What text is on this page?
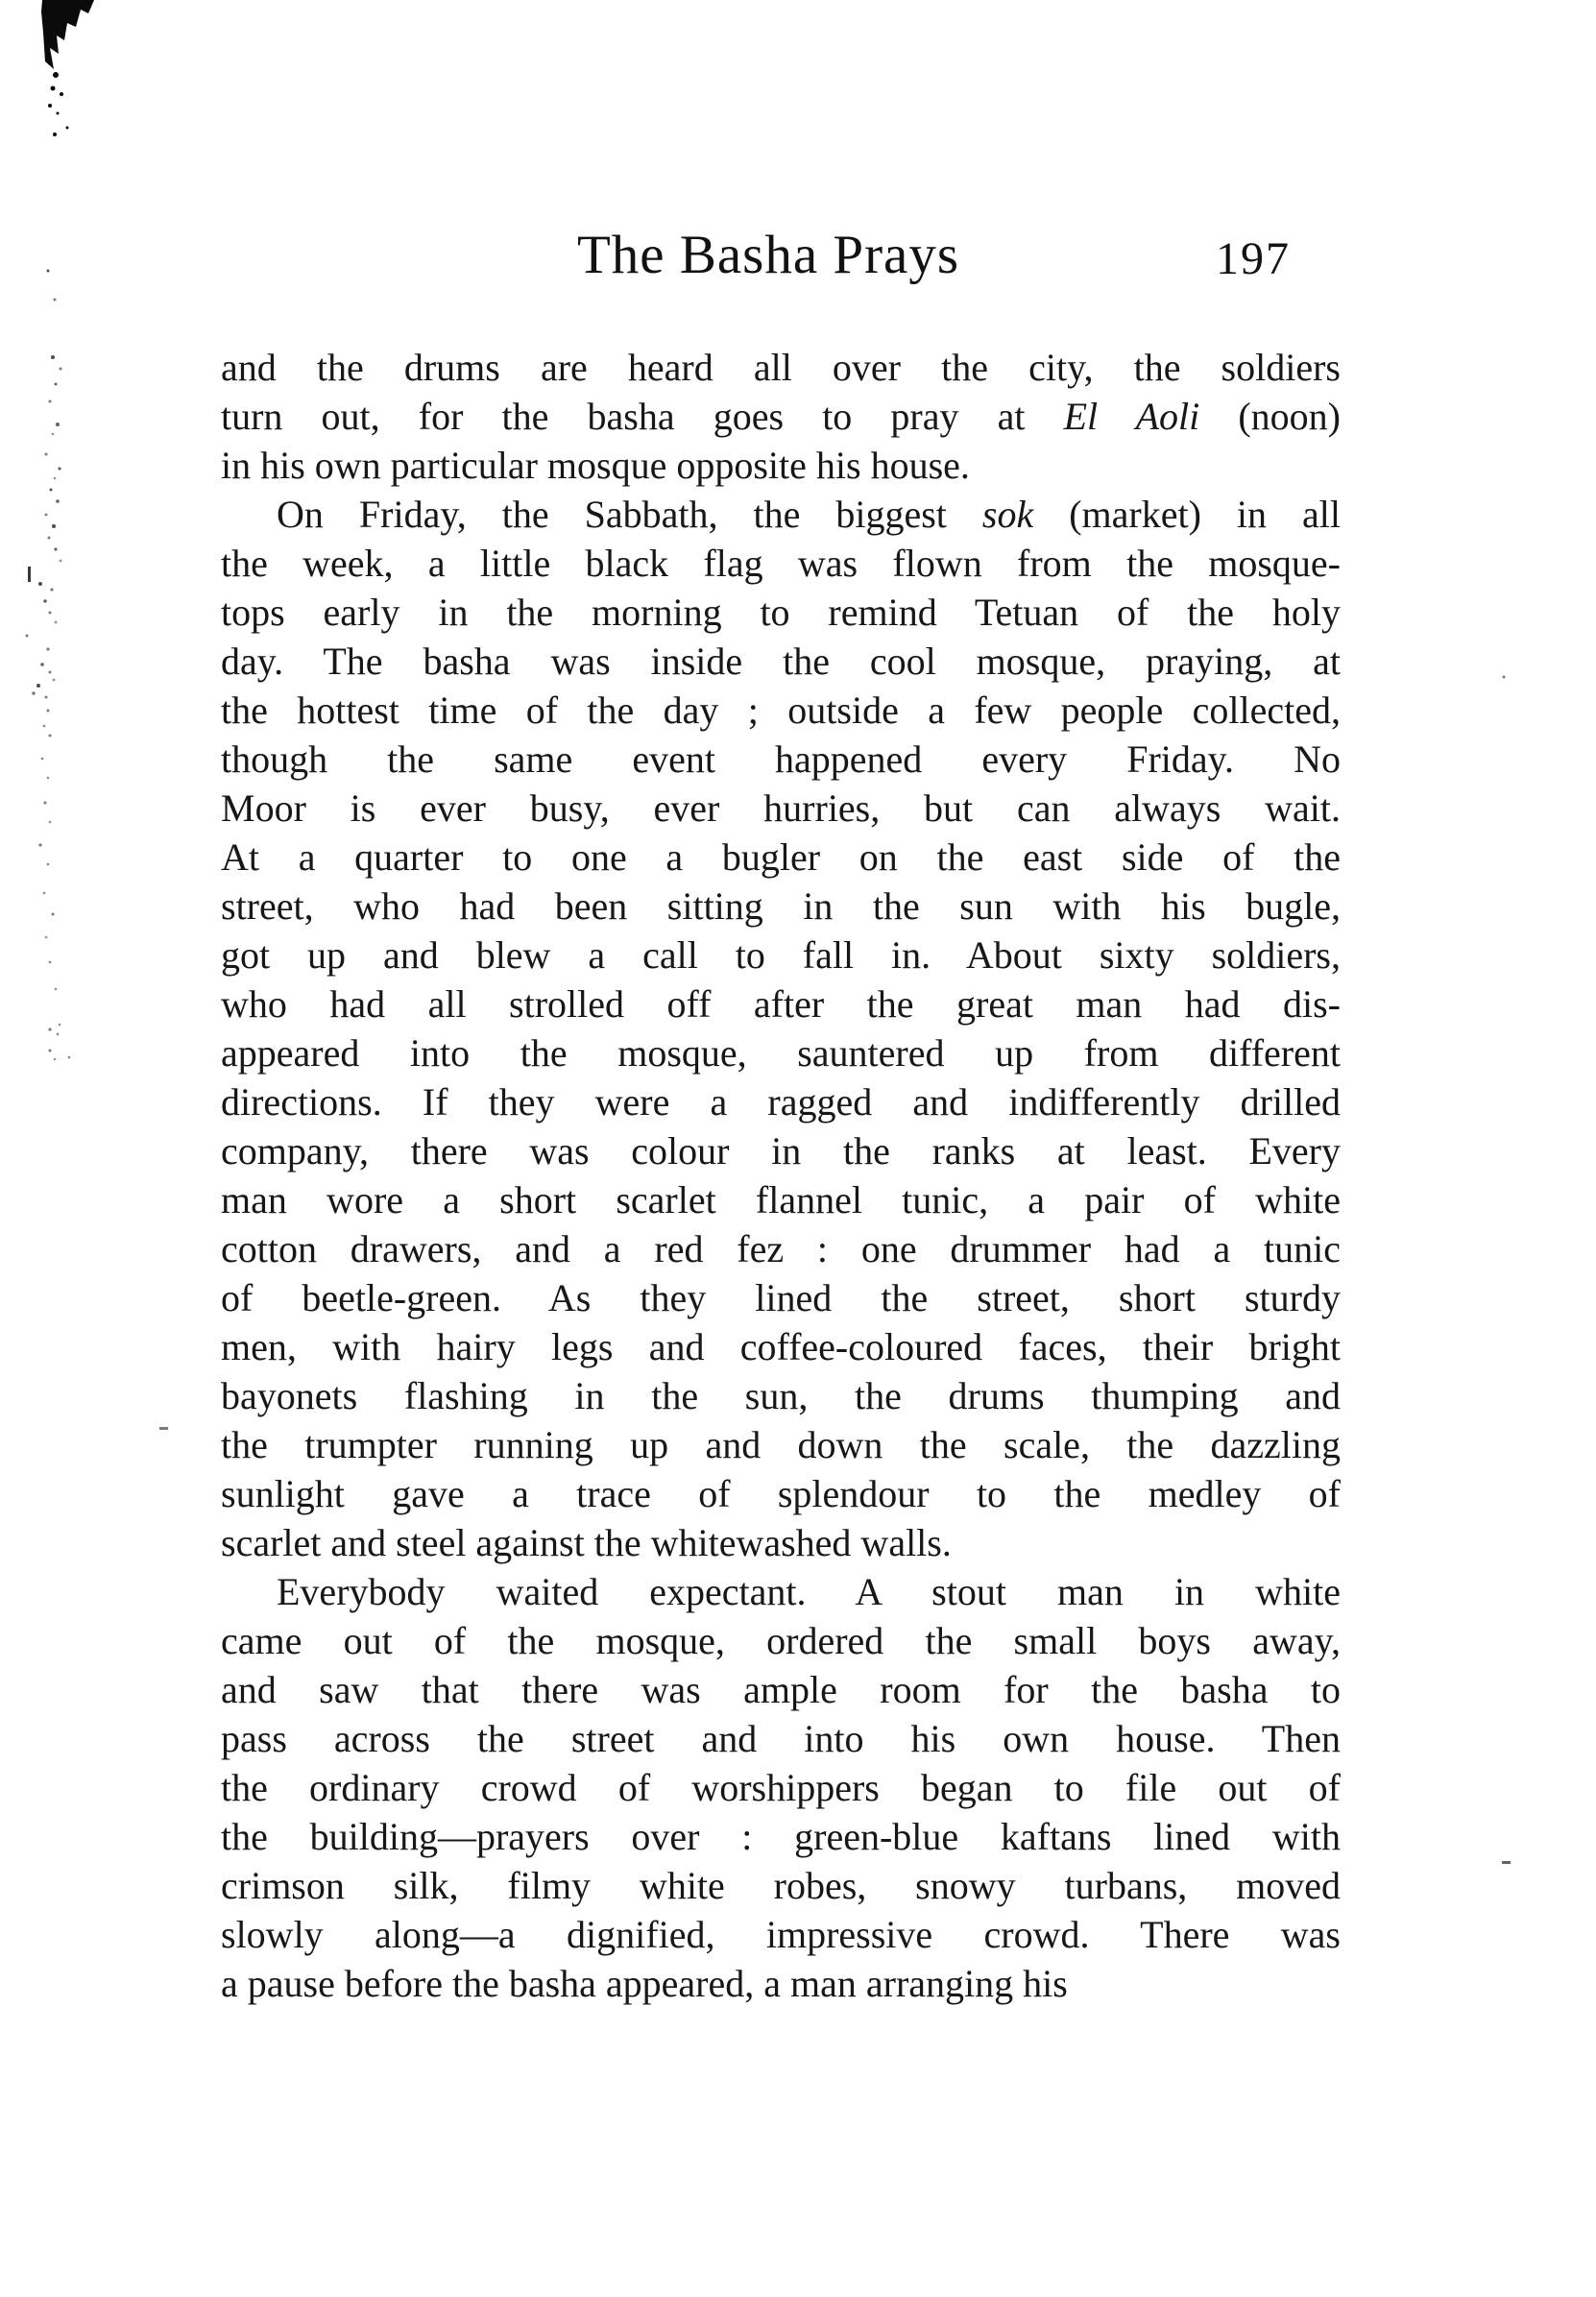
The Basha Prays	197
and the drums are heard all over the city, the soldiers
turn out, for the basha goes to pray at El Aoli (noon)
in his own particular mosque opposite his house.
On Friday, the Sabbath, the biggest sok (market) in all
the week, a little black flag was flown from the mosque-
tops early in the morning to remind Tetuan of the holy
day. The basha was inside the cool mosque, praying, at
the hottest time of the day ; outside a few people collected,
though the same event happened every Friday. No
Moor is ever busy, ever hurries, but can always wait.
At a quarter to one a bugler on the east side of the
street, who had been sitting in the sun with his bugle,
got up and blew a call to fall in. About sixty soldiers,
who had all strolled off after the great man had dis-
appeared into the mosque, sauntered up from different
directions. If they were a ragged and indifferently drilled
company, there was colour in the ranks at least. Every
man wore a short scarlet flannel tunic, a pair of white
cotton drawers, and a red fez : one drummer had a tunic
of beetle-green. As they lined the street, short sturdy
men, with hairy legs and coffee-coloured faces, their bright
bayonets flashing in the sun, the drums thumping and
the trumpter running up and down the scale, the dazzling
sunlight gave a trace of splendour to the medley of
scarlet and steel against the whitewashed walls.
Everybody waited expectant. A stout man in white
came out of the mosque, ordered the small boys away,
and saw that there was ample room for the basha to
pass across the street and into his own house. Then
the ordinary crowd of worshippers began to file out of
the building—prayers over : green-blue kaftans lined with
crimson silk, filmy white robes, snowy turbans, moved
slowly along—a dignified, impressive crowd. There was
a pause before the basha appeared, a man arranging his
